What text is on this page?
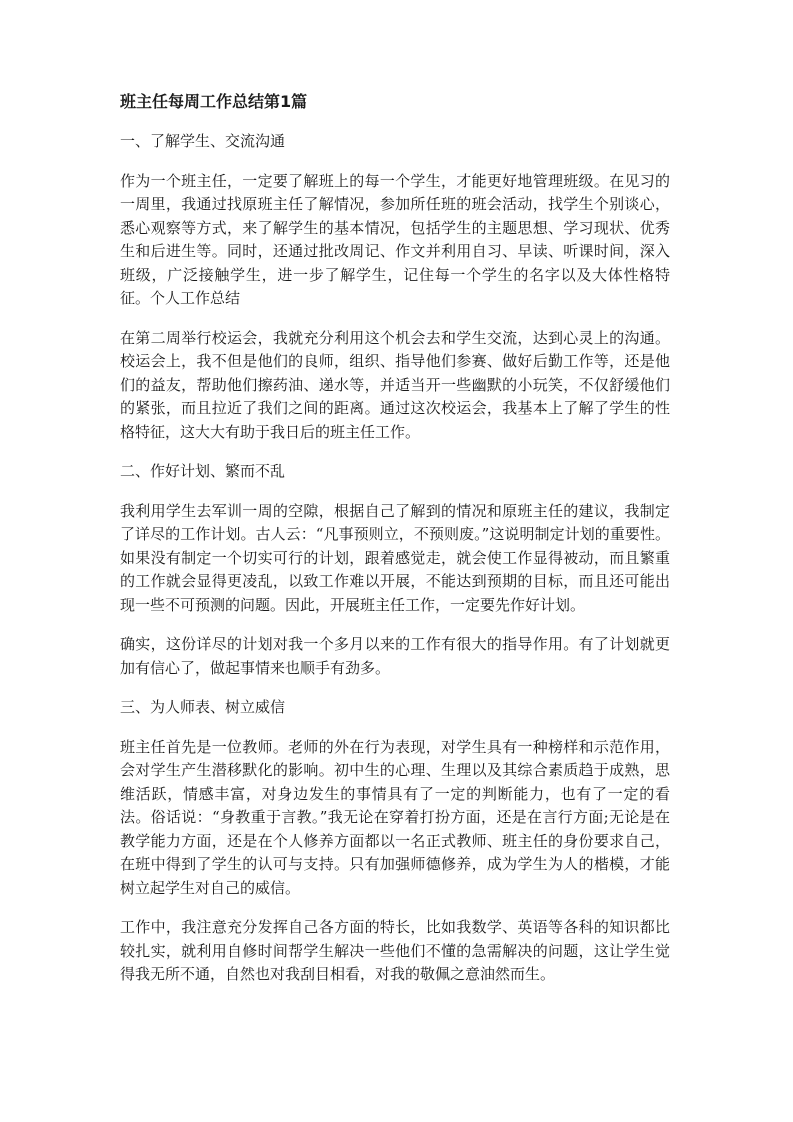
班主任每周工作总结第1篇
一、了解学生、交流沟通
作为一个班主任，一定要了解班上的每一个学生，才能更好地管理班级。在见习的一周里，我通过找原班主任了解情况，参加所任班的班会活动，找学生个别谈心，悉心观察等方式，来了解学生的基本情况，包括学生的主题思想、学习现状、优秀生和后进生等。同时，还通过批改周记、作文并利用自习、早读、听课时间，深入班级，广泛接触学生，进一步了解学生，记住每一个学生的名字以及大体性格特征。个人工作总结
在第二周举行校运会，我就充分利用这个机会去和学生交流，达到心灵上的沟通。校运会上，我不但是他们的良师，组织、指导他们参赛、做好后勤工作等，还是他们的益友，帮助他们擦药油、递水等，并适当开一些幽默的小玩笑，不仅舒缓他们的紧张，而且拉近了我们之间的距离。通过这次校运会，我基本上了解了学生的性格特征，这大大有助于我日后的班主任工作。
二、作好计划、繁而不乱
我利用学生去军训一周的空隙，根据自己了解到的情况和原班主任的建议，我制定了详尽的工作计划。古人云：“凡事预则立，不预则废。”这说明制定计划的重要性。如果没有制定一个切实可行的计划，跟着感觉走，就会使工作显得被动，而且繁重的工作就会显得更凌乱，以致工作难以开展，不能达到预期的目标，而且还可能出现一些不可预测的问题。因此，开展班主任工作，一定要先作好计划。
确实，这份详尽的计划对我一个多月以来的工作有很大的指导作用。有了计划就更加有信心了，做起事情来也顺手有劲多。
三、为人师表、树立威信
班主任首先是一位教师。老师的外在行为表现，对学生具有一种榜样和示范作用，会对学生产生潜移默化的影响。初中生的心理、生理以及其综合素质趋于成熟，思维活跃，情感丰富，对身边发生的事情具有了一定的判断能力，也有了一定的看法。俗话说：“身教重于言教。”我无论在穿着打扮方面，还是在言行方面;无论是在教学能力方面，还是在个人修养方面都以一名正式教师、班主任的身份要求自己，在班中得到了学生的认可与支持。只有加强师德修养，成为学生为人的楷模，才能树立起学生对自己的威信。
工作中，我注意充分发挥自己各方面的特长，比如我数学、英语等各科的知识都比较扎实，就利用自修时间帮学生解决一些他们不懂的急需解决的问题，这让学生觉得我无所不通，自然也对我刮目相看，对我的敬佩之意油然而生。
